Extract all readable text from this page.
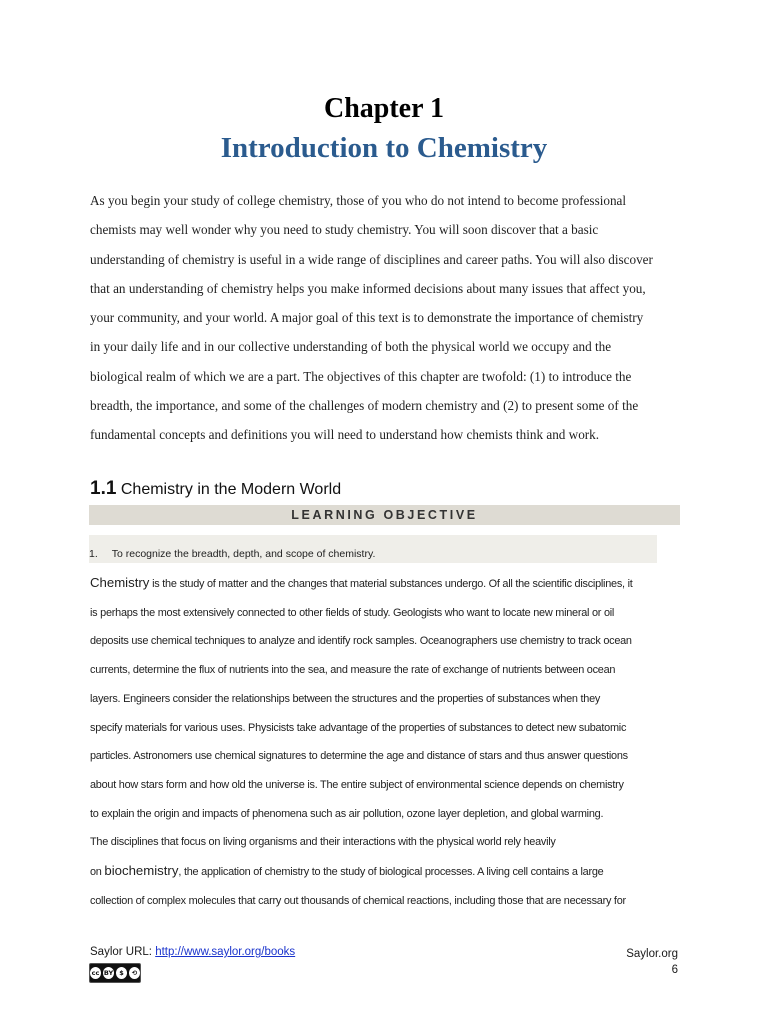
Chapter 1
Introduction to Chemistry
As you begin your study of college chemistry, those of you who do not intend to become professional
chemists may well wonder why you need to study chemistry. You will soon discover that a basic
understanding of chemistry is useful in a wide range of disciplines and career paths. You will also discover
that an understanding of chemistry helps you make informed decisions about many issues that affect you,
your community, and your world. A major goal of this text is to demonstrate the importance of chemistry
in your daily life and in our collective understanding of both the physical world we occupy and the
biological realm of which we are a part. The objectives of this chapter are twofold: (1) to introduce the
breadth, the importance, and some of the challenges of modern chemistry and (2) to present some of the
fundamental concepts and definitions you will need to understand how chemists think and work.
1.1 Chemistry in the Modern World
LEARNING OBJECTIVE
1. To recognize the breadth, depth, and scope of chemistry.
Chemistry is the study of matter and the changes that material substances undergo. Of all the scientific disciplines, it
is perhaps the most extensively connected to other fields of study. Geologists who want to locate new mineral or oil
deposits use chemical techniques to analyze and identify rock samples. Oceanographers use chemistry to track ocean
currents, determine the flux of nutrients into the sea, and measure the rate of exchange of nutrients between ocean
layers. Engineers consider the relationships between the structures and the properties of substances when they
specify materials for various uses. Physicists take advantage of the properties of substances to detect new subatomic
particles. Astronomers use chemical signatures to determine the age and distance of stars and thus answer questions
about how stars form and how old the universe is. The entire subject of environmental science depends on chemistry
to explain the origin and impacts of phenomena such as air pollution, ozone layer depletion, and global warming.
The disciplines that focus on living organisms and their interactions with the physical world rely heavily
on biochemistry, the application of chemistry to the study of biological processes. A living cell contains a large
collection of complex molecules that carry out thousands of chemical reactions, including those that are necessary for
Saylor URL: http://www.saylor.org/books	Saylor.org
6
cc BY $	⟲
